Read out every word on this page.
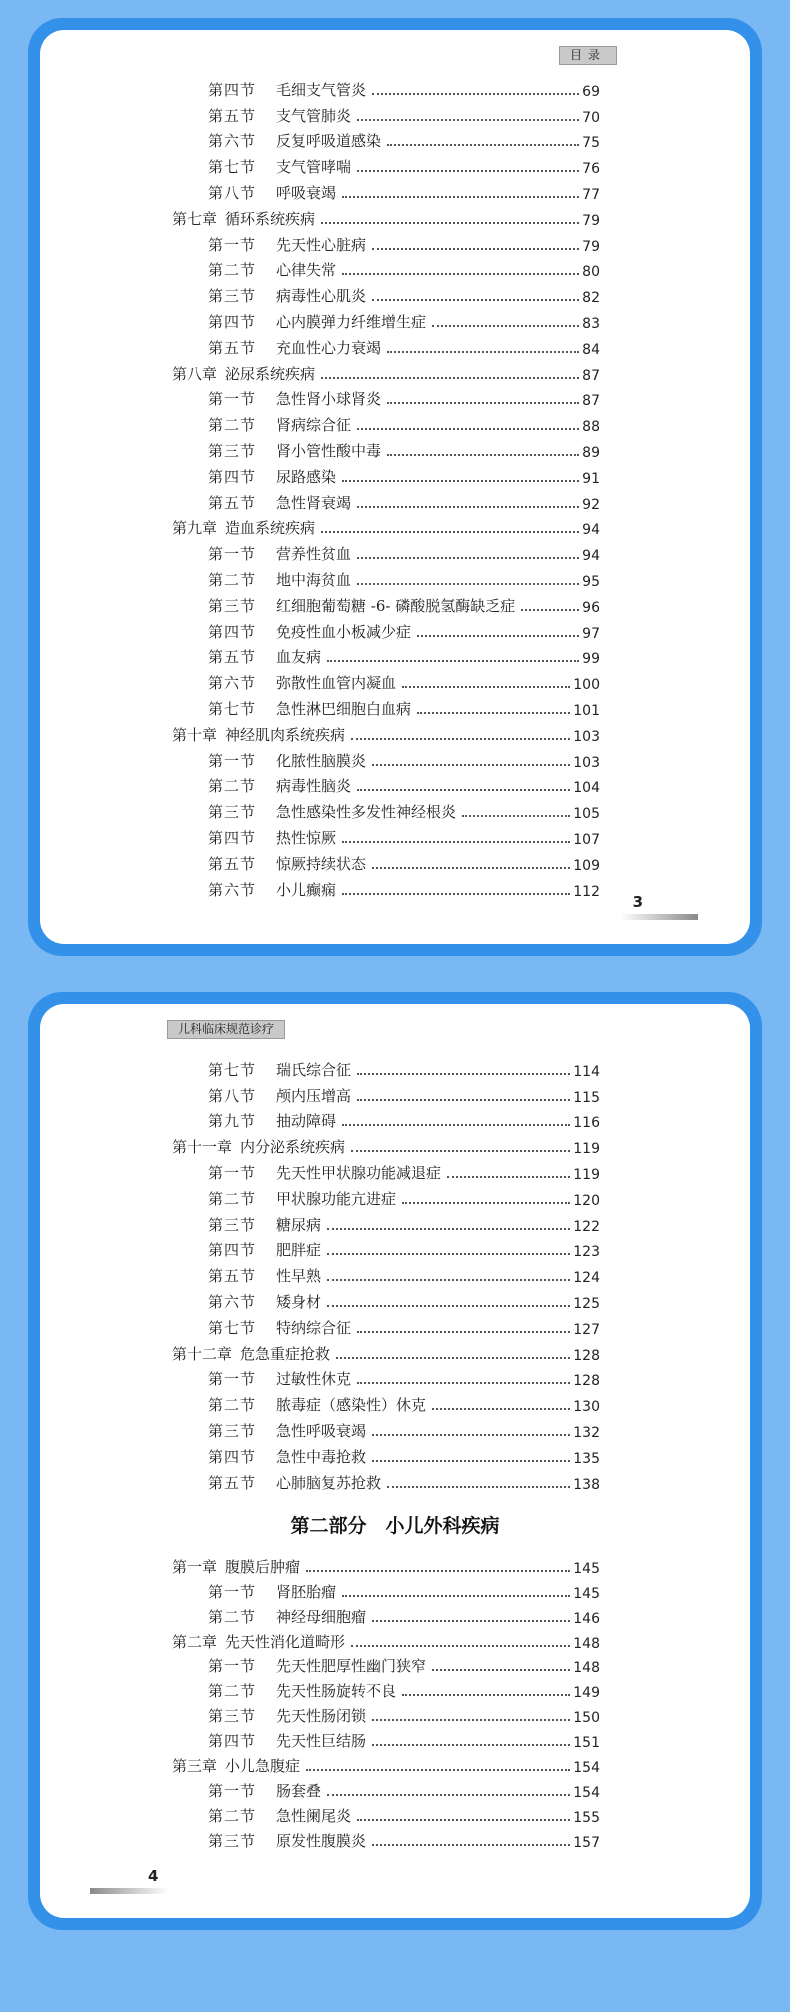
目录
第四节 毛细支气管炎	69
第五节 支气管肺炎	70
第六节 反复呼吸道感染	75
第七节 支气管哮喘	76
第八节 呼吸衰竭	77
第七章 循环系统疾病	79
第一节 先天性心脏病	79
第二节 心律失常	80
第三节 病毒性心肌炎	82
第四节 心内膜弹力纤维增生症	83
第五节 充血性心力衰竭	84
第八章 泌尿系统疾病	87
第一节 急性肾小球肾炎	87
第二节 肾病综合征	88
第三节 肾小管性酸中毒	89
第四节 尿路感染	91
第五节 急性肾衰竭	92
第九章 造血系统疾病	94
第一节 营养性贫血	94
第二节 地中海贫血	95
第三节 红细胞葡萄糖 -6- 磷酸脱氢酶缺乏症	96
第四节 免疫性血小板减少症	97
第五节 血友病	99
第六节 弥散性血管内凝血	100
第七节 急性淋巴细胞白血病	101
第十章 神经肌肉系统疾病	103
第一节 化脓性脑膜炎	103
第二节 病毒性脑炎	104
第三节 急性感染性多发性神经根炎	105
第四节 热性惊厥	107
第五节 惊厥持续状态	109
第六节 小儿癫痫	112
3
儿科临床规范诊疗
第七节 瑞氏综合征	114
第八节 颅内压增高	115
第九节 抽动障碍	116
第十一章 内分泌系统疾病	119
第一节 先天性甲状腺功能减退症	119
第二节 甲状腺功能亢进症	120
第三节 糖尿病	122
第四节 肥胖症	123
第五节 性早熟	124
第六节 矮身材	125
第七节 特纳综合征	127
第十二章 危急重症抢救	128
第一节 过敏性休克	128
第二节 脓毒症（感染性）休克	130
第三节 急性呼吸衰竭	132
第四节 急性中毒抢救	135
第五节 心肺脑复苏抢救	138
第二部分　小儿外科疾病
第一章 腹膜后肿瘤	145
第一节 肾胚胎瘤	145
第二节 神经母细胞瘤	146
第二章 先天性消化道畸形	148
第一节 先天性肥厚性幽门狭窄	148
第二节 先天性肠旋转不良	149
第三节 先天性肠闭锁	150
第四节 先天性巨结肠	151
第三章 小儿急腹症	154
第一节 肠套叠	154
第二节 急性阑尾炎	155
第三节 原发性腹膜炎	157
4
